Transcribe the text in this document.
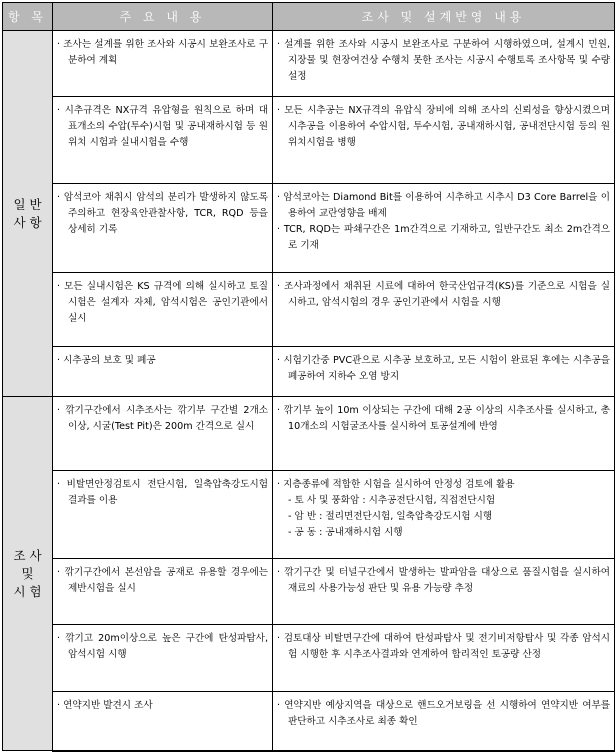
항 목	주 요 내 용	조사 및 설계반영 내용

일 반
사 항	· 조사는 설계를 위한 조사와 시공시 보완조사로 구분하여 계획	· 설계를 위한 조사와 시공시 보완조사로 구분하여 시행하였으며, 설계시 민원, 지장물 및 현장여건상 수행치 못한 조사는 시공시 수행토록 조사항목 및 수량 설정

	· 시추규격은 NX규격 유압형을 원칙으로 하며 대표개소의 수압(투수)시험 및 공내재하시험 등 원위치 시험과 실내시험을 수행	· 모든 시추공는 NX규격의 유압식 장비에 의해 조사의 신뢰성을 향상시켰으며 시추공을 이용하여 수압시험, 투수시험, 공내재하시험, 공내전단시험 등의 원위치시험을 병행

	· 암석코아 채취시 암석의 분리가 발생하지 않도록 주의하고 현장육안관찰사항, TCR, RQD 등을 상세히 기록	· 암석코아는 Diamond Bit를 이용하여 시추하고 시추시 D3 Core Barrel을 이용하여 교란영향을 배제
· TCR, RQD는 파쇄구간은 1m간격으로 기재하고, 일반구간도 최소 2m간격으로 기재

	· 모든 실내시험은 KS 규격에 의해 실시하고 토질시험은 설계자 자체, 암석시험은 공인기관에서 실시	· 조사과정에서 채취된 시료에 대하여 한국산업규격(KS)를 기준으로 시험을 실시하고, 암석시험의 경우 공인기관에서 시험을 시행

	· 시추공의 보호 및 폐공	· 시험기간중 PVC관으로 시추공 보호하고, 모든 시험이 완료된 후에는 시추공을 폐공하여 지하수 오염 방지

조 사
및
시 험	· 깎기구간에서 시추조사는 깎기부 구간별 2개소 이상, 시굴(Test Pit)은 200m 간격으로 실시	· 깎기부 높이 10m 이상되는 구간에 대해 2공 이상의 시추조사를 실시하고, 총 10개소의 시험굴조사를 실시하여 토공설계에 반영

	· 비탈면안정검토시 전단시험, 일축압축강도시험 결과를 이용	· 지층종류에 적합한 시험을 실시하여 안정성 검토에 활용
- 토 사 및 풍화암 : 시추공전단시험, 직접전단시험
- 암 반 : 절리면전단시험, 일축압축강도시험 시행
- 공 동 : 공내재하시험 시행

	· 깎기구간에서 본선암을 공재로 유용할 경우에는 제반시험을 실시	· 깎기구간 및 터널구간에서 발생하는 발파암을 대상으로 품질시험을 실시하여 재료의 사용가능성 판단 및 유용 가능량 추정

	· 깎기고 20m이상으로 높은 구간에 탄성파탐사, 암석시험 시행	· 검토대상 비탈면구간에 대하여 탄성파탐사 및 전기비저항탐사 및 각종 암석시험 시행한 후 시추조사결과와 연계하여 합리적인 토공량 산정

	· 연약지반 발견시 조사	· 연약지반 예상지역을 대상으로 핸드오거보링을 선 시행하여 연약지반 여부를 판단하고 시추조사로 최종 확인
